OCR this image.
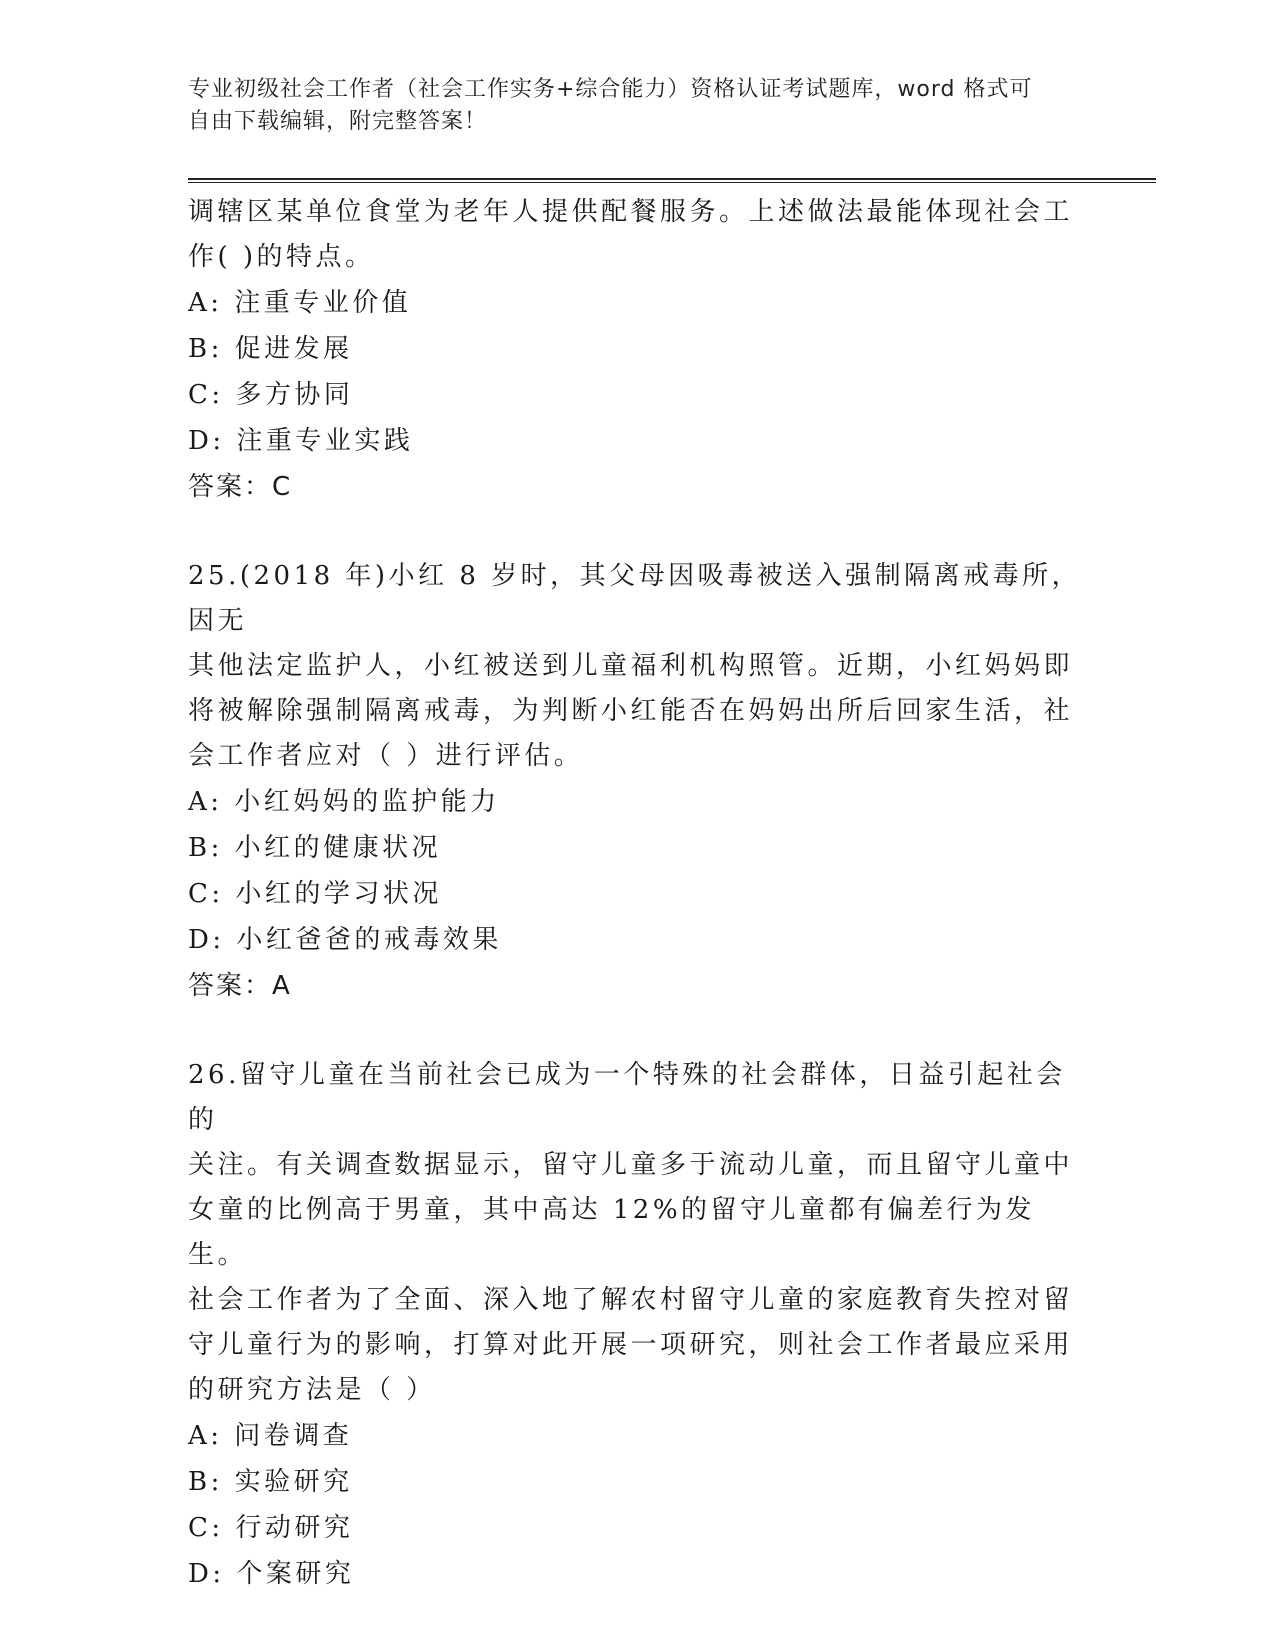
专业初级社会工作者（社会工作实务+综合能力）资格认证考试题库，word 格式可
自由下载编辑，附完整答案！

调辖区某单位食堂为老年人提供配餐服务。上述做法最能体现社会工

作( )的特点。

A: 注重专业价值

B: 促进发展

C: 多方协同

D: 注重专业实践

答案：C

25.(2018 年)小红 8 岁时，其父母因吸毒被送入强制隔离戒毒所，因无

其他法定监护人，小红被送到儿童福利机构照管。近期，小红妈妈即

将被解除强制隔离戒毒，为判断小红能否在妈妈出所后回家生活，社

会工作者应对（ ）进行评估。

A: 小红妈妈的监护能力

B: 小红的健康状况

C: 小红的学习状况

D: 小红爸爸的戒毒效果

答案：A

26.留守儿童在当前社会已成为一个特殊的社会群体，日益引起社会的

关注。有关调查数据显示，留守儿童多于流动儿童，而且留守儿童中

女童的比例高于男童，其中高达 12%的留守儿童都有偏差行为发生。

社会工作者为了全面、深入地了解农村留守儿童的家庭教育失控对留

守儿童行为的影响，打算对此开展一项研究，则社会工作者最应采用

的研究方法是（ ）

A: 问卷调查

B: 实验研究

C: 行动研究

D: 个案研究
